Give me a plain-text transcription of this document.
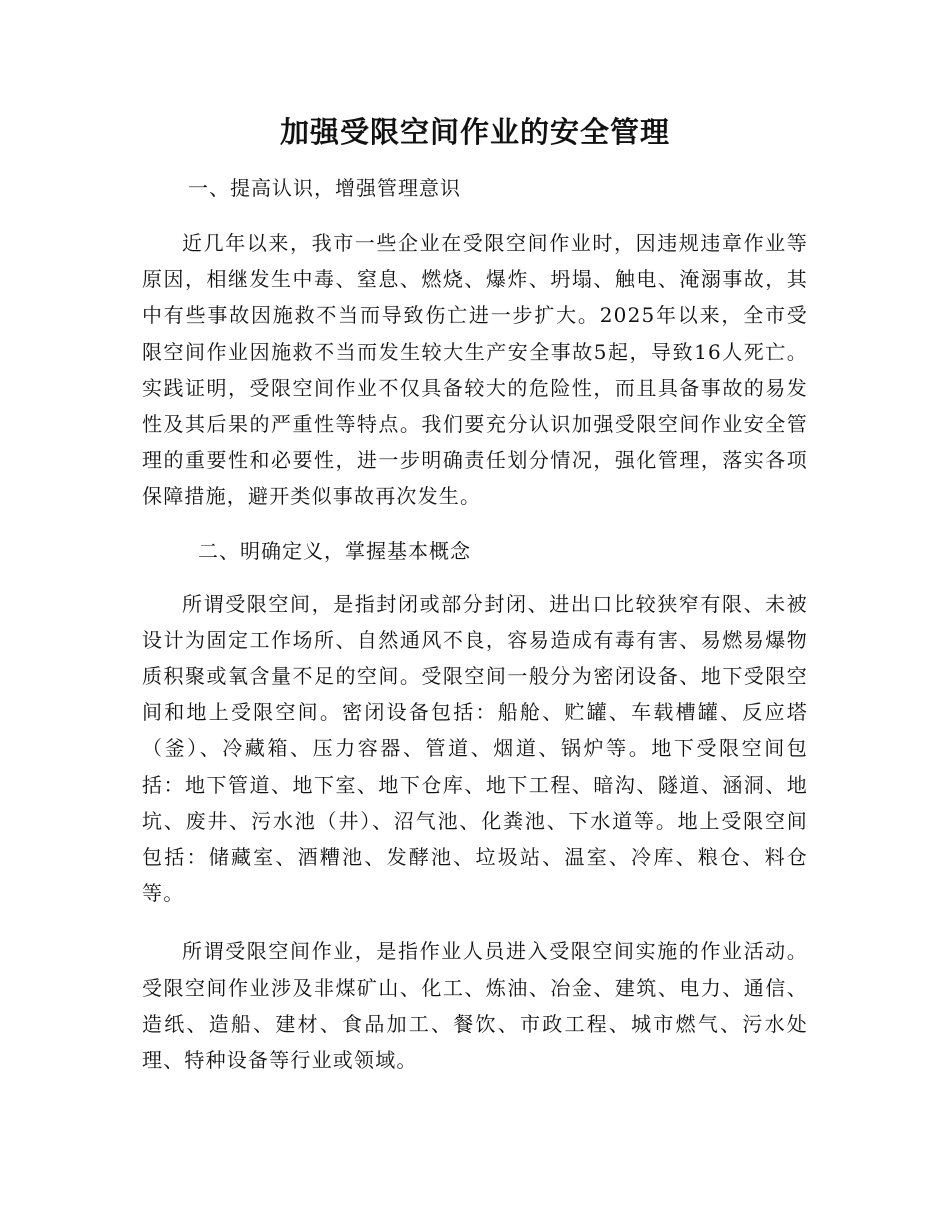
加强受限空间作业的安全管理
一、提高认识，增强管理意识

近几年以来，我市一些企业在受限空间作业时，因违规违章作业等原因，相继发生中毒、窒息、燃烧、爆炸、坍塌、触电、淹溺事故，其中有些事故因施救不当而导致伤亡进一步扩大。2025年以来，全市受限空间作业因施救不当而发生较大生产安全事故5起，导致16人死亡。实践证明，受限空间作业不仅具备较大的危险性，而且具备事故的易发性及其后果的严重性等特点。我们要充分认识加强受限空间作业安全管理的重要性和必要性，进一步明确责任划分情况，强化管理，落实各项保障措施，避开类似事故再次发生。

二、明确定义，掌握基本概念

所谓受限空间，是指封闭或部分封闭、进出口比较狭窄有限、未被设计为固定工作场所、自然通风不良，容易造成有毒有害、易燃易爆物质积聚或氧含量不足的空间。受限空间一般分为密闭设备、地下受限空间和地上受限空间。密闭设备包括：船舱、贮罐、车载槽罐、反应塔（釜）、冷藏箱、压力容器、管道、烟道、锅炉等。地下受限空间包括：地下管道、地下室、地下仓库、地下工程、暗沟、隧道、涵洞、地坑、废井、污水池（井）、沼气池、化粪池、下水道等。地上受限空间包括：储藏室、酒糟池、发酵池、垃圾站、温室、冷库、粮仓、料仓等。

所谓受限空间作业，是指作业人员进入受限空间实施的作业活动。受限空间作业涉及非煤矿山、化工、炼油、冶金、建筑、电力、通信、造纸、造船、建材、食品加工、餐饮、市政工程、城市燃气、污水处理、特种设备等行业或领域。
